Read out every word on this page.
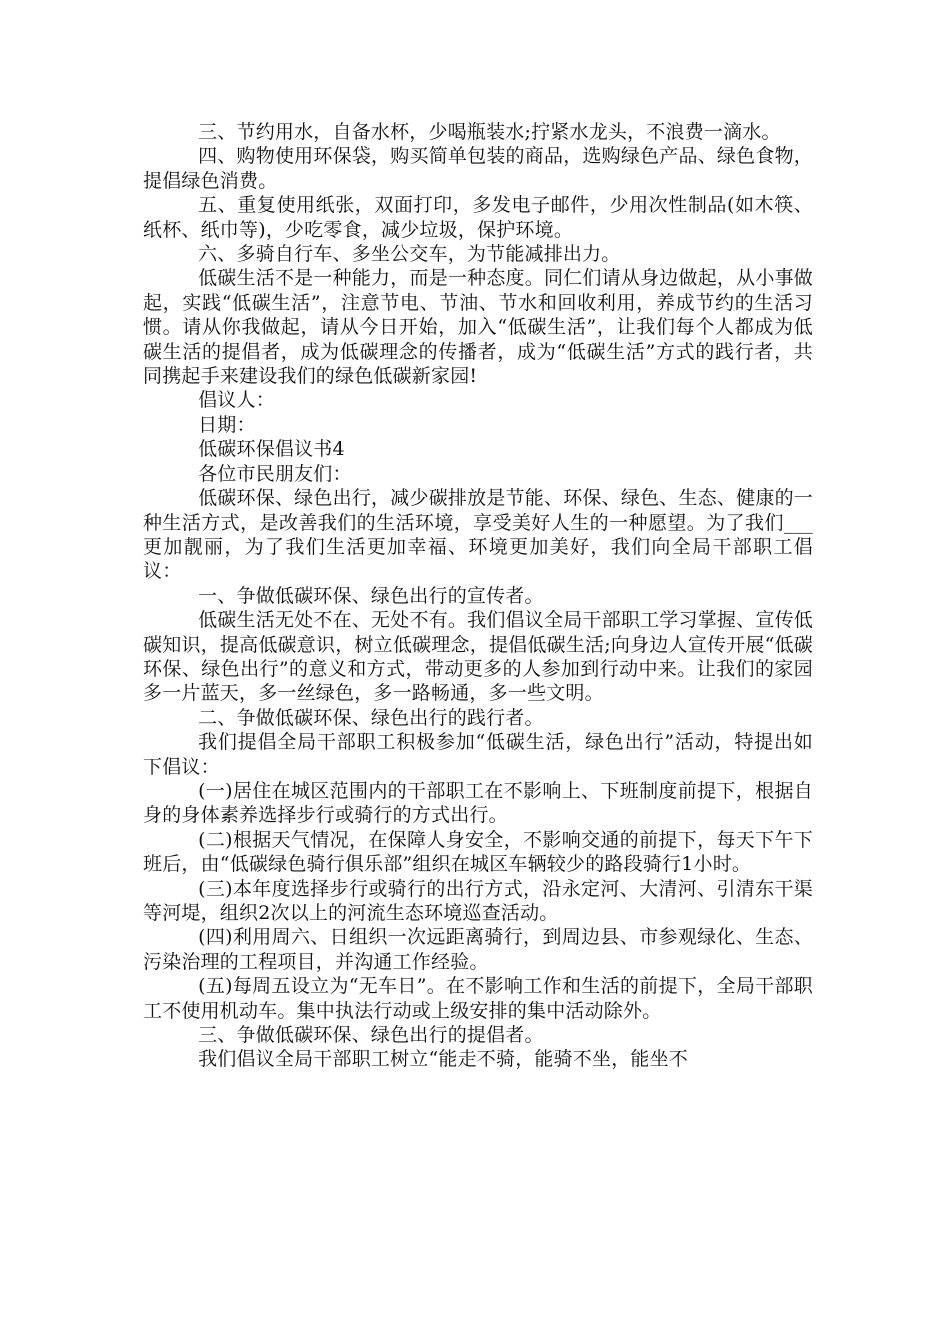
三、节约用水，自备水杯，少喝瓶装水;拧紧水龙头，不浪费一滴水。

四、购物使用环保袋，购买简单包装的商品，选购绿色产品、绿色食物，提倡绿色消费。

五、重复使用纸张，双面打印，多发电子邮件，少用次性制品(如木筷、纸杯、纸巾等)，少吃零食，减少垃圾，保护环境。

六、多骑自行车、多坐公交车，为节能减排出力。

低碳生活不是一种能力，而是一种态度。同仁们请从身边做起，从小事做起，实践“低碳生活”，注意节电、节油、节水和回收利用，养成节约的生活习惯。请从你我做起，请从今日开始，加入“低碳生活”，让我们每个人都成为低碳生活的提倡者，成为低碳理念的传播者，成为“低碳生活”方式的践行者，共同携起手来建设我们的绿色低碳新家园!

倡议人：

日期：

低碳环保倡议书4

各位市民朋友们：

低碳环保、绿色出行，减少碳排放是节能、环保、绿色、生态、健康的一种生活方式，是改善我们的生活环境，享受美好人生的一种愿望。为了我们___更加靓丽，为了我们生活更加幸福、环境更加美好，我们向全局干部职工倡议：

一、争做低碳环保、绿色出行的宣传者。

低碳生活无处不在、无处不有。我们倡议全局干部职工学习掌握、宣传低碳知识，提高低碳意识，树立低碳理念，提倡低碳生活;向身边人宣传开展“低碳环保、绿色出行”的意义和方式，带动更多的人参加到行动中来。让我们的家园多一片蓝天，多一丝绿色，多一路畅通，多一些文明。

二、争做低碳环保、绿色出行的践行者。

我们提倡全局干部职工积极参加“低碳生活，绿色出行”活动，特提出如下倡议：

(一)居住在城区范围内的干部职工在不影响上、下班制度前提下，根据自身的身体素养选择步行或骑行的方式出行。

(二)根据天气情况，在保障人身安全，不影响交通的前提下，每天下午下班后，由“低碳绿色骑行俱乐部”组织在城区车辆较少的路段骑行1小时。

(三)本年度选择步行或骑行的出行方式，沿永定河、大清河、引清东干渠等河堤，组织2次以上的河流生态环境巡查活动。

(四)利用周六、日组织一次远距离骑行，到周边县、市参观绿化、生态、污染治理的工程项目，并沟通工作经验。

(五)每周五设立为“无车日”。在不影响工作和生活的前提下，全局干部职工不使用机动车。集中执法行动或上级安排的集中活动除外。

三、争做低碳环保、绿色出行的提倡者。

我们倡议全局干部职工树立“能走不骑，能骑不坐，能坐不
